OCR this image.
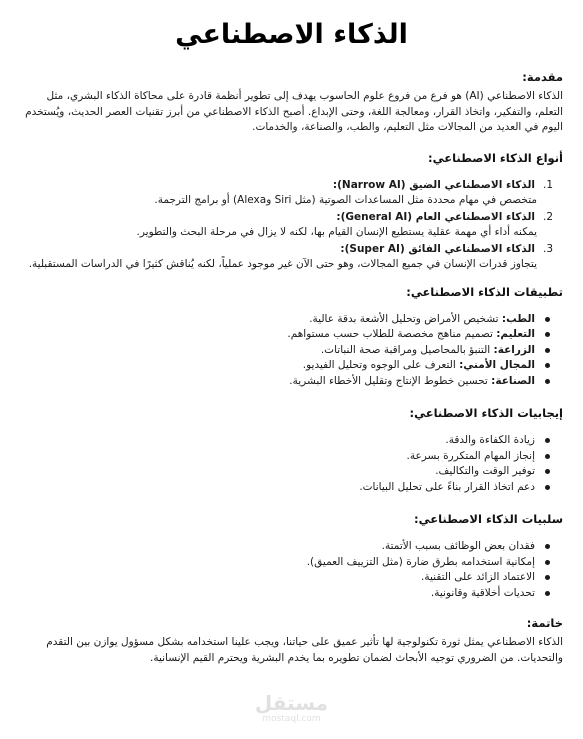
الذكاء الاصطناعي
مقدمة:

الذكاء الاصطناعي (AI) هو فرع من فروع علوم الحاسوب يهدف إلى تطوير أنظمة قادرة على محاكاة الذكاء البشري، مثل التعلم، والتفكير، واتخاذ القرار، ومعالجة اللغة، وحتى الإبداع. أصبح الذكاء الاصطناعي من أبرز تقنيات العصر الحديث، ويُستخدم اليوم في العديد من المجالات مثل التعليم، والطب، والصناعة، والخدمات.

أنواع الذكاء الاصطناعي:
1.
الذكاء الاصطناعي الضيق (Narrow AI):
متخصص في مهام محددة مثل المساعدات الصوتية (مثل Siri وAlexa) أو برامج الترجمة.
2.
الذكاء الاصطناعي العام (General AI):
يمكنه أداء أي مهمة عقلية يستطيع الإنسان القيام بها، لكنه لا يزال في مرحلة البحث والتطوير.
3.
الذكاء الاصطناعي الفائق (Super AI):
يتجاوز قدرات الإنسان في جميع المجالات، وهو حتى الآن غير موجود عملياً، لكنه يُناقش كثيرًا في الدراسات المستقبلية.
تطبيقات الذكاء الاصطناعي:
الطب: تشخيص الأمراض وتحليل الأشعة بدقة عالية.
التعليم: تصميم مناهج مخصصة للطلاب حسب مستواهم.
الزراعة: التنبؤ بالمحاصيل ومراقبة صحة النباتات.
المجال الأمني: التعرف على الوجوه وتحليل الفيديو.
الصناعة: تحسين خطوط الإنتاج وتقليل الأخطاء البشرية.
إيجابيات الذكاء الاصطناعي:
زيادة الكفاءة والدقة.
إنجاز المهام المتكررة بسرعة.
توفير الوقت والتكاليف.
دعم اتخاذ القرار بناءً على تحليل البيانات.
سلبيات الذكاء الاصطناعي:
فقدان بعض الوظائف بسبب الأتمتة.
إمكانية استخدامه بطرق ضارة (مثل التزييف العميق).
الاعتماد الزائد على التقنية.
تحديات أخلاقية وقانونية.
خاتمة:

الذكاء الاصطناعي يمثل ثورة تكنولوجية لها تأثير عميق على حياتنا، ويجب علينا استخدامه بشكل مسؤول يوازن بين التقدم والتحديات. من الضروري توجيه الأبحاث لضمان تطويره بما يخدم البشرية ويحترم القيم الإنسانية.

مستقل
mostaql.com
